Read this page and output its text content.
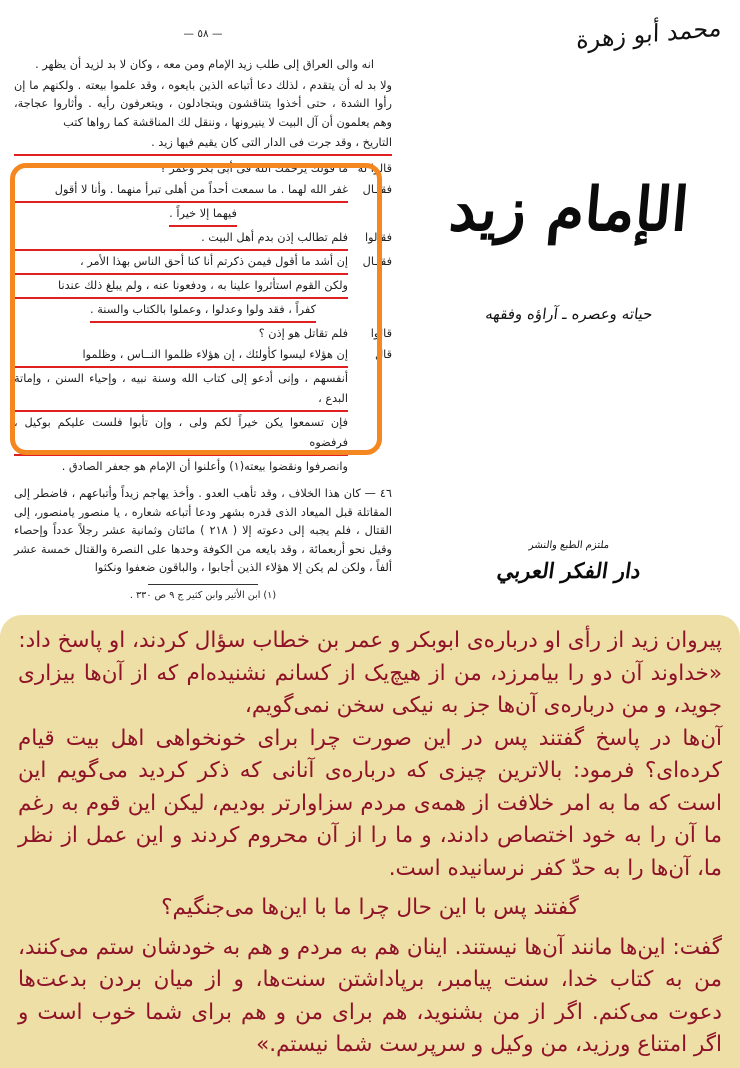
محمد أبو زهرة
الإمام زيد
حياته وعصره ـ آراؤه وفقهه
ملتزم الطبع والنشر
دار الفكر العربي
— ٥٨ —

انه والى العراق إلى طلب زيد الإمام ومن معه ، وكان لا بد لزيد أن يظهر .

ولا بد له أن يتقدم ، لذلك دعا أتباعه الذين بايعوه ، وقد علموا بيعته . ولكنهم ما إن رأوا الشدة ، حتى أخذوا يتناقشون ويتجادلون ، ويتعرفون رأيه . وأثاروا عجاجة، وهم يعلمون أن آل البيت لا ينيرونها ، وننقل لك المناقشة كما رواها كتب

التاريخ ، وقد جرت فى الدار التى كان يقيم فيها زيد .

قالوا له
ما قولك يرحمك الله فى أبى بكر وعمر ؟
فقــال
غفر الله لهما . ما سمعت أحداً من أهلى تبرأ منهما . وأنا لا أقول
فيهما إلا خيراً .
فقالوا
فلم تطالب إذن بدم أهل البيت .
فقــال
إن أشد ما أقول فيمن ذكرتم أنا كنا أحق الناس بهذا الأمر ،
ولكن القوم استأثروا علينا به ، ودفعونا عنه ، ولم يبلغ ذلك عندنا
كفراً ، فقد ولوا وعدلوا ، وعملوا بالكتاب والسنة .
قالوا
فلم تقاتل هو إذن ؟
قال
إن هؤلاء ليسوا كأولئك ، إن هؤلاء ظلموا النــاس ، وظلموا
أنفسهم ، وإنى أدعو إلى كتاب الله وسنة نبيه ، وإحياء السنن ، وإماتة البدع ،
فإن تسمعوا يكن خيراً لكم ولى ، وإن تأبوا فلست عليكم بوكيل ، فرفضوه
وانصرفوا ونقضوا بيعته(١) وأعلنوا أن الإمام هو جعفر الصادق .

٤٦ — كان هذا الخلاف ، وقد تأهب العدو . وأخذ يهاجم زيداً وأتباعهم ، فاضطر إلى المقاتلة قبل الميعاد الذى قدره بشهر ودعا أتباعه شعاره ، يا منصور يامنصور، إلى القتال ، فلم يجبه إلى دعوته إلا ( ٢١٨ ) مائتان وثمانية عشر رجلاً عدداً وإحصاء وقيل نحو أربعمائة ، وقد بايعه من الكوفة وحدها على النصرة والقتال خمسة عشر ألفاً ، ولكن لم يكن إلا هؤلاء الذين أجابوا ، والباقون ضعفوا ونكثوا

(١) ابن الأثير وابن كثير ج ٩ ص ٣٣٠ .

پیروان زید از رأی او درباره‌ی ابوبکر و عمر بن خطاب سؤال کردند، او پاسخ داد:

«خداوند آن دو را بیامرزد، من از هیچ‌یک از کسانم نشنیده‌ام که از آن‌ها بیزاری جوید، و من درباره‌ی آن‌ها جز به نیکی سخن نمی‌گویم،

آن‌ها در پاسخ گفتند پس در این صورت چرا برای خونخواهی اهل بیت قیام کرده‌ای؟ فرمود: بالاترین چیزی که درباره‌ی آنانی که ذکر کردید می‌گویم این است که ما به امر خلافت از همه‌ی مردم سزاوارتر بودیم، لیکن این قوم به رغم ما آن را به خود اختصاص دادند، و ما را از آن محروم کردند و این عمل از نظر ما، آن‌ها را به حدّ کفر نرسانیده است.

گفتند پس با این حال چرا ما با این‌ها می‌جنگیم؟

گفت: این‌ها مانند آن‌ها نیستند. اینان هم به مردم و هم به خودشان ستم می‌کنند، من به کتاب خدا، سنت پیامبر، برپاداشتن سنت‌ها، و از میان بردن بدعت‌ها دعوت می‌کنم. اگر از من بشنوید، هم برای من و هم برای شما خوب است و اگر امتناع ورزید، من وکیل و سرپرست شما نیستم.»
